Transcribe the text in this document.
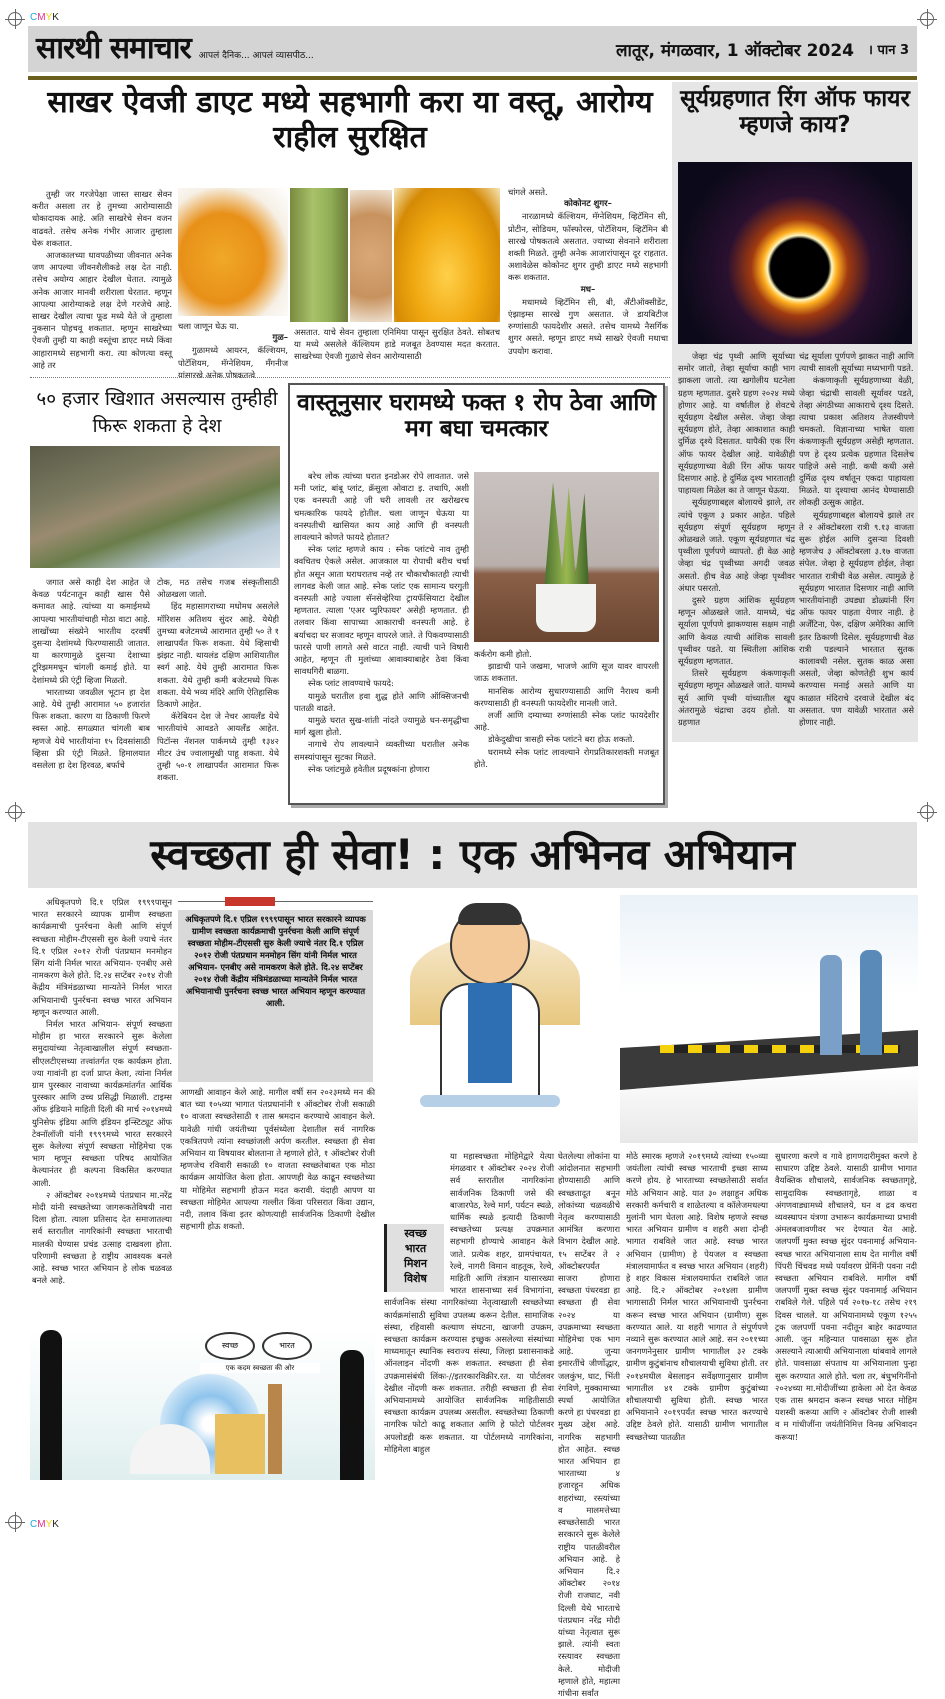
CMYK
CMYK
सारथी समाचार आपलं दैनिक... आपलं व्यासपीठ...	लातूर, मंगळवार, 1 ऑक्टोबर 2024 । पान 3
साखर ऐवजी डाएट मध्ये सहभागी करा या वस्तू, आरोग्य राहील सुरक्षित

तुम्ही जर गरजेपेक्षा जास्त साखर सेवन करीत असला तर हे तुमच्या आरोग्यासाठी धोकादायक आहे. अति साखरेचे सेवन वजन वाढवते. तसेच अनेक गंभीर आजार तुम्हाला घेरू शकतात.

आजकालच्या धावपळीच्या जीवनात अनेक जण आपल्या जीवनशैलीकडे लक्ष देत नाही. तसेच अयोग्य आहार देखील घेतात. त्यामुळे अनेक आजार मानवी शरीराला घेरतात. म्हणून आपल्या आरोग्याकडे लक्ष देणे गरजेचे आहे. साखर देखील त्याचा फूड मध्ये येते जे तुम्हाला नुकसान पोहचवू शकतात. म्हणून साखरेच्या ऐवजी तुम्ही या काही वस्तूंचा डाएट मध्ये किंवा आहारामध्ये सहभागी करा. त्या कोणत्या वस्तू आहे तर

चला जाणून घेऊ या.
गुळ–

गुळामध्ये आयरन, कॅल्शियम, पोटॅशियम, मॅग्नेशियम, मॅंगनीज यांसारखे अनेक पोषकतत्वे

असतात. याचे सेवन तुम्हाला एनिमिया पासून सुरक्षित ठेवते. सोबतच या मध्ये असलेले कॅल्शियम हाडे मजबूत ठेवण्यास मदत करतात. साखरेच्या ऐवजी गुळाचे सेवन आरोग्यासाठी
चांगले असते.
कोकोनट शुगर–

नारळामध्ये कॅल्शियम, मॅग्नेशियम, व्हिटॅमिन सी, प्रोटीन, सोडियम, फॉस्फोरस, पोटॅशियम, व्हिटॅमिन बी सारखे पोषकतत्वे असतात. ज्याच्या सेवनाने शरीराला शक्ती मिळते. तुम्ही अनेक आजारांपासून दूर राहतात. अशावेळेस कोकोनट शुगर तुम्ही डाएट मध्ये सहभागी करू शकतात.

मध–

मधामध्ये व्हिटॅमिन सी, बी, अँटीऑक्सीडेंट, एंझाइम्स सारखे गुण असतात. जे डायबिटीज रुग्णांसाठी फायदेशीर असते. तसेच यामध्ये नैसर्गिक शुगर असते. म्हणून डाएट मध्ये साखरे ऐवजी मधाचा उपयोग करावा.

सूर्यग्रहणात रिंग ऑफ फायर म्हणजे काय?

जेव्हा चंद्र पृथ्वी आणि सूर्याच्या समोर जातो, तेव्हा सूर्याचा काही भाग झाकला जातो. त्या खगोलीय घटनेला ग्रहण म्हणतात. दुसरे ग्रहण २०२४ मध्ये होणार आहे. या वर्षातील हे शेवटचे सूर्यग्रहण देखील असेल. जेव्हा जेव्हा सूर्यग्रहण होते, तेव्हा आकाशात काही दुर्मिळ दृश्ये दिसतात. यापैकी एक रिंग ऑफ फायर देखील आहे. यावेळीही सूर्यग्रहणाच्या वेळी रिंग ऑफ फायर दिसणार आहे. हे दुर्मिळ दृश्य भारतातही पाहायला मिळेल का ते जाणून घेऊया.

सूर्यग्रहणाबद्दल बोलायचे झाले, तर त्यांचे एकूण ३ प्रकार आहेत. पहिले सूर्यग्रहण संपूर्ण सूर्यग्रहण म्हणून ओळखले जाते. एकूण सूर्यग्रहणात चंद्र पृथ्वीला पूर्णपणे व्यापतो. ही वेळ आहे जेव्हा चंद्र पृथ्वीच्या अगदी जवळ असतो. हीच वेळ आहे जेव्हा पृथ्वीवर अंधार पसरतो.

दुसरे ग्रहण आंशिक सूर्यग्रहण म्हणून ओळखले जाते. यामध्ये, चंद्र सूर्याला पूर्णपणे झाकण्यास सक्षम नाही आणि केवळ त्याची आंशिक सावली पृथ्वीवर पडते. या स्थितीला आंशिक सूर्यग्रहण म्हणतात.

तिसरे सूर्यग्रहण कंकणाकृती सूर्यग्रहण म्हणून ओळखले जाते. यामध्ये सूर्य आणि पृथ्वी यांच्यातील खूप अंतरामुळे चंद्राचा उदय होतो. या ग्रहणात

चंद्र सूर्याला पूर्णपणे झाकत नाही आणि त्याची सावली सूर्याच्या मध्यभागी पडते.

कंकणाकृती सूर्यग्रहणाच्या वेळी, जेव्हा चंद्राची सावली सूर्यावर पडते, तेव्हा अंगठीच्या आकाराचे दृश्य दिसते. त्याचा प्रकाश अतिशय तेजस्वीपणे चमकतो. विज्ञानाच्या भाषेत याला कंकणाकृती सूर्यग्रहण असेही म्हणतात. पण हे दृश्य प्रत्येक ग्रहणात दिसलेच पाहिजे असे नाही. कधी कधी असे दुर्मिळ दृश्य वर्षातून एकदा पाहायला मिळते. या दृश्याचा आनंद घेण्यासाठी लोकही उत्सुक आहेत.

सूर्यग्रहणाबद्दल बोलायचे झाले तर ते २ ऑक्टोबरला रात्री ९.१३ वाजता सुरू होईल आणि दुसऱ्या दिवशी म्हणजेच ३ ऑक्टोबरला ३.१७ वाजता संपेल. जेव्हा हे सूर्यग्रहण होईल, तेव्हा भारतात रात्रीची वेळ असेल. त्यामुळे हे सूर्यग्रहण भारतात दिसणार नाही आणि भारतीयांनाही उघड्या डोळ्यांनी रिंग ऑफ फायर पाहता येणार नाही. हे अर्जेंटिना, पेरू, दक्षिण अमेरिका आणि इतर ठिकाणी दिसेल. सूर्यग्रहणाची वेळ रात्री पडल्याने भारतात सुतक कालावधी नसेल. सुतक काळ असा असतो, जेव्हा कोणतेही शुभ कार्य करण्यास मनाई असते आणि या काळात मंदिराचे दरवाजे देखील बंद असतात. पण यावेळी भारतात असे होणार नाही.

५० हजार खिशात असल्यास तुम्हीही फिरू शकता हे देश

जगात असे काही देश आहेत जे केवळ पर्यटनातून काही खास पैसे कमावत आहे. त्यांच्या या कमाईमध्ये आपल्या भारतीयांचाही मोठा वाटा आहे. लाखोंच्या संख्येने भारतीय दरवर्षी दुसऱ्या देशांमध्ये फिरण्यासाठी जातात. या कारणामुळे दुसऱ्या देशाच्या टूरिझममधून चांगली कमाई होते. या देशांमध्ये फ्री एंट्री व्हिजा मिळतो.

भारताच्या जवळील भूटान हा देश आहे. येथे तुम्ही आरामात ५० हजारांत फिरू शकता. कारण या ठिकाणी फिरणे स्वस्त आहे. सगळ्यात चांगली बाब म्हणजे येथे भारतीयांना १५ दिवसांसाठी व्हिसा फ्री एंट्री मिळते. हिमालयात वसलेला हा देश हिरवळ, बर्फाचे

टोक, मठ तसेच गजब संस्कृतीसाठी ओळखला जातो.

हिंद महासागराच्या मधोमध असलेले मॉरिशस अतिशय सुंदर आहे. येथेही तुमच्या बजेटमध्ये आरामात तुम्ही ५० ते १ लाखापर्यंत फिरू शकता. येथे व्हिसाची झंझट नाही. थायलंड दक्षिण आशियातील स्वर्ग आहे. येथे तुम्ही आरामात फिरू शकता. येथे तुम्ही कमी बजेटमध्ये फिरू शकता. येथे भव्य मंदिरे आणि ऐतिहासिक ठिकाणे आहेत.

कॅरेबियन देश जे नेचर आयलँड येथे भारतीयांचे आवडते आयलँड आहेत. पिटॉन्स नॅशनल पार्कमध्ये तुम्ही १३४२ मीटर उंच ज्वालामुखी पाहू शकता. येथे तुम्ही ५०-१ लाखापर्यंत आरामात फिरू शकता.

वास्तूनुसार घरामध्ये फक्त १ रोप ठेवा आणि मग बघा चमत्कार

बरेच लोक त्यांच्या घरात इनडोअर रोपे लावतात. जसे मनी प्लांट, बांबू प्लांट, क्रॅसुला ओवाटा इ. तथापि, अशी एक वनस्पती आहे जी घरी लावली तर खरोखरच चमत्कारिक फायदे होतील. चला जाणून घेऊया या वनस्पतीची खासियत काय आहे आणि ही वनस्पती लावल्याने कोणते फायदे होतात?

स्नेक प्लांट म्हणजे काय : स्नेक प्लांटचे नाव तुम्ही क्वचितच ऐकले असेल. आजकाल या रोपाची बरीच चर्चा होत असून आता घराघरातच नव्हे तर चौकाचौकातही त्याची लागवड केली जात आहे. स्नेक प्लांट एक सामान्य घरगुती वनस्पती आहे ज्याला सॅनसेव्हेरिया ट्रायफॅसियाटा देखील म्हणतात. त्याला 'एअर प्युरिफायर' असेही म्हणतात. ही तलवार किंवा सापाच्या आकाराची वनस्पती आहे. हे बर्याचदा घर सजावट म्हणून वापरले जाते. ते पिकवण्यासाठी फारसे पाणी लागते असे वाटत नाही. त्याची पाने विषारी आहेत, म्हणून ती मुलांच्या आवाक्याबाहेर ठेवा किंवा सावधगिरी बाळगा.

स्नेक प्लांट लावण्याचे फायदे:

यामुळे घरातील हवा शुद्ध होते आणि ऑक्सिजनची पातळी वाढते.

यामुळे घरात सुख-शांती नांदते ज्यामुळे धन-समृद्धीचा मार्ग खुला होतो.

नागाचे रोप लावल्याने व्यक्तीच्या घरातील अनेक समस्यांपासून सुटका मिळते.

स्नेक प्लांटमुळे हवेतील प्रदूषकांना होणारा

कर्करोग कमी होतो.

झाडाची पाने जखमा, भाजणे आणि सूज यावर वापरली जाऊ शकतात.

मानसिक आरोग्य सुधारण्यासाठी आणि नैराश्य कमी करण्यासाठी ही वनस्पती फायदेशीर मानली जाते.

लर्जी आणि दम्याच्या रुग्णांसाठी स्नेक प्लांट फायदेशीर आहे.

डोकेदुखीचा त्रासही स्नेक प्लांटने बरा होऊ शकतो.

घरामध्ये स्नेक प्लांट लावल्याने रोगप्रतिकारशक्ती मजबूत होते.

स्वच्छता ही सेवा! : एक अभिनव अभियान

अधिकृतपणे दि.१ एप्रिल १९९९पासून भारत सरकारने व्यापक ग्रामीण स्वच्छता कार्यक्रमाची पुनर्रचना केली आणि संपूर्ण स्वच्छता मोहीम-टीएससी सुरु केली ज्याचे नंतर दि.१ एप्रिल २०१२ रोजी पंतप्रधान मनमोहन सिंग यांनी निर्मल भारत अभियान- एनबीए असे नामकरण केले होते. दि.२४ सप्टेंबर २०१४ रोजी केंद्रीय मंत्रिमंडळाच्या मान्यतेने निर्मल भारत अभियानाची पुनर्रचना स्वच्छ भारत अभियान म्हणून करण्यात आली.

निर्मल भारत अभियान- संपूर्ण स्वच्छता मोहीम हा भारत सरकारने सुरू केलेला समुदायांच्या नेतृत्वाखालील संपूर्ण स्वच्छता- सीएलटीएसच्या तत्त्वांतर्गत एक कार्यक्रम होता. ज्या गावांनी हा दर्जा प्राप्त केला, त्यांना निर्मल ग्राम पुरस्कार नावाच्या कार्यक्रमांतर्गत आर्थिक पुरस्कार आणि उच्च प्रसिद्धी मिळाली. टाइम्स ऑफ इंडियाने माहिती दिली की मार्च २०१४मध्ये युनिसेफ इंडिया आणि इंडियन इन्स्टिट्यूट ऑफ टेक्नॉलॉजी यांनी १९९९मध्ये भारत सरकारने सुरू केलेल्या संपूर्ण स्वच्छता मोहिमेचा एक भाग म्हणून स्वच्छता परिषद आयोजित केल्यानंतर ही कल्पना विकसित करण्यात आली.

२ ऑक्टोबर २०१४मध्ये पंतप्रधान मा.नरेंद्र मोदी यांनी स्वच्छतेच्या जागरूकतेविषयी नारा दिला होता. त्याला प्रतिसाद देत समाजातल्या सर्व स्तरातील नागरिकांनी स्वच्छता भारताची मालकी घेण्यास प्रचंड उत्साह दाखवला होता. परिणामी स्वच्छता हे राष्ट्रीय आवश्यक बनले आहे. स्वच्छ भारत अभियान हे लोक चळवळ बनले आहे.

अधिकृतपणे दि.१ एप्रिल १९९९पासून भारत सरकारने व्यापक ग्रामीण स्वच्छता कार्यक्रमाची पुनर्रचना केली आणि संपूर्ण स्वच्छता मोहीम-टीएससी सुरु केली ज्याचे नंतर दि.१ एप्रिल २०१२ रोजी पंतप्रधान मनमोहन सिंग यांनी निर्मल भारत अभियान- एनबीए असे नामकरण केले होते. दि.२४ सप्टेंबर २०१४ रोजी केंद्रीय मंत्रिमंडळाच्या मान्यतेने निर्मल भारत अभियानाची पुनर्रचना स्वच्छ भारत अभियान म्हणून करण्यात आली.
आणखी आवाहन केले आहे. मागील वर्षी सन २०२३मध्ये मन की बात च्या १०५व्या भागात पंतप्रधानांनी १ ऑक्टोबर रोजी सकाळी १० वाजता स्वच्छतेसाठी १ तास श्रमदान करण्याचे आवाहन केले. यावेळी गांधी जयंतीच्या पूर्वसंध्येला देशातील सर्व नागरिक एकत्रितपणे त्यांना स्वच्छांजली अर्पण करतील. स्वच्छता ही सेवा अभियान या विषयावर बोलताना ते म्हणाले होते, १ ऑक्टोबर रोजी म्हणजेच रविवारी सकाळी १० वाजता स्वच्छतेबाबत एक मोठा कार्यक्रम आयोजित केला होता. आपणही वेळ काढून स्वच्छतेच्या या मोहिमेत सहभागी होऊन मदत करावी. यंदाही आपण या स्वच्छता मोहिमेत आपल्या गल्लीत किंवा परिसरात किंवा उद्यान, नदी, तलाव किंवा इतर कोणत्याही सार्वजनिक ठिकाणी देखील सहभागी होऊ शकतो.
या महास्वच्छता मोहिमेद्वारे येत्या मंगळवार १ ऑक्टोबर २०२४ रोजी सर्व स्तरातील नागरिकांना सार्वजनिक ठिकाणी जसे की बाजारपेठ, रेल्वे मार्ग, पर्यटन स्थळे, धार्मिक स्थळे इत्यादी ठिकाणी स्वच्छतेच्या प्रत्यक्ष उपक्रमात सहभागी होण्याचे आवाहन केले जाते. प्रत्येक शहर, ग्रामपंचायत, रेल्वे, नागरी विमान वाहतूक, रेल्वे, माहिती आणि तंत्रज्ञान यासारख्या भारत शासनाच्या सर्व विभागांना, सार्वजनिक संस्था नागरिकांच्या नेतृत्वाखाली स्वच्छतेच्या कार्यक्रमांसाठी सुविधा उपलब्ध करून देतील. सामाजिक संस्था, रहिवासी कल्याण संघटना, खाजगी उपक्रम, स्वच्छता कार्यक्रम करण्यास इच्छुक असलेल्या संस्थांच्या माध्यमातून स्थानिक स्वराज्य संस्था, जिल्हा प्रशासनाकडे ऑनलाइन नोंदणी करू शकतात. स्वच्छता ही सेवा उपक्रमासंबंधी लिंकः-//इतरकारविक्रीर.रत. या पोर्टलवर देखील नोंदणी करू शकतात. तरीही स्वच्छता ही सेवा अभियानामध्ये आयोजित सार्वजनिक माहितीसाठी स्वच्छता कार्यक्रम उपलब्ध असतील. स्वच्छतेच्या ठिकाणी नागरिक फोटो काढू शकतात आणि हे फोटो पोर्टलवर अपलोडही करू शकतात. या पोर्टलमध्ये नागरिकांना, मोहिमेला बाहुल
स्वच्छ
भारत
मिशन
विशेष
घेतलेल्या लोकांना या आंदोलनात सहभागी होण्यासाठी आणि स्वच्छतादूत बनून लोकांच्या चळवळीचे नेतृत्व करण्यासाठी आमंत्रित करणारा विभाग देखील आहे. १५ सप्टेंबर ते २ ऑक्टोबरपर्यंत साजरा होणारा स्वच्छता पंधरवडा हा स्वच्छता ही सेवा २०२४ या उपक्रमाच्या स्वच्छता मोहिमेचा एक भाग आहे. जुन्या इमारतींचे जीर्णोद्धार, जलकुंभ, घाट, भिंती रंगविणे, मुक्कामाच्या स्पर्धा आयोजित करणे हा पंधरवडा हा मुख्य उद्देश आहे. नागरिक सहभागी होत आहेत. स्वच्छ भारत अभियान हा भारताच्या ४ हजारहून अधिक शहरांच्या, रस्त्यांच्या व मालमत्तेच्या स्वच्छतेसाठी भारत सरकारने सुरू केलेले राष्ट्रीय पातळीवरील अभियान आहे. हे अभियान दि.२ ऑक्टोबर २०१४ रोजी राजघाट, नवी दिल्ली येथे भारताचे पंतप्रधान नरेंद्र मोदी यांच्या नेतृत्वात सुरू झाले. त्यांनी स्वतः रस्त्यावर स्वच्छता केले. मोदीजी म्हणाले होते, महात्मा गांधीना सर्वांत
मोठे स्मारक म्हणजे २०१९मध्ये त्यांच्या १५०व्या जयंतीला त्यांची स्वच्छ भारताची इच्छा साध्य करणे होय. हे भारताच्या स्वच्छतेसाठी सर्वात मोठे अभियान आहे. यात ३० लक्षाहून अधिक सरकारी कर्मचारी व शाळेतल्या व कॉलेजमधल्या मुलांनी भाग घेतला आहे. विशेष म्हणजे स्वच्छ भारत अभियान ग्रामीण व शहरी अशा दोन्ही भागात राबविले जात आहे. स्वच्छ भारत अभियान (ग्रामीण) हे पेयजल व स्वच्छता मंत्रालयामार्फत व स्वच्छ भारत अभियान (शहरी) हे शहर विकास मंत्रालयमार्फत राबविले जात आहे. दि.२ ऑक्टोबर २०१४ला ग्रामीण भागासाठी निर्मल भारत अभियानाची पुनर्रचना करून स्वच्छ भारत अभियान (ग्रामीण) सुरू करण्यात आले. या शहरी भागात ते संपूर्णपणे नव्याने सुरू करण्यात आले आहे. सन २०११च्या जनगणनेनुसार ग्रामीण भागातील ३२ टक्के ग्रामीण कुटुंबांनाच शौचालयाची सुविधा होती. तर २०१४मधील बेसलाइन सर्वेक्षणानुसार ग्रामीण भागातील ४१ टक्के ग्रामीण कुटुंबांच्या शौचालयाची सुविधा होती. स्वच्छ भारत अभियानाने २०१९पर्यंत स्वच्छ भारत करण्याचे उद्दिष्ट ठेवले होते. यासाठी ग्रामीण भागातील स्वच्छतेच्या पातळीत
सुधारणा करणे व गावे हागणदारीमुक्त करणे हे साधारण उद्दिष्ट ठेवले. यासाठी ग्रामीण भागात वैयक्तिक शौचालये, सार्वजनिक स्वच्छतागृहे, सामुदायिक स्वच्छतागृहे, शाळा व अंगणवाड्यामध्ये शौचालये, घन व द्रव कचरा व्यवस्थापन यंत्रणा उभारून कार्यक्रमाच्या प्रभावी अंमलबजावणीवर भर देण्यात येत आहे. जलपर्णी मुक्त स्वच्छ सुंदर पवनामाई अभियान- स्वच्छ भारत अभियानाला साथ देत मागील वर्षी पिंपरी चिंचवड मध्ये पर्यावरण प्रेमिंनी पवना नदी स्वच्छता अभियान राबविले. मागील वर्षी जलपर्णी मुक्त स्वच्छ सुंदर पवनामाई अभियान राबविले गेले. पहिले पर्व २०१७-१८ तसेच २१९ दिवस चालले. या अभियानामध्ये एकूण १२५५ ट्रक जलपर्णी पवना नदीतून बाहेर काढण्यात आली. जून महिन्यात पावसाळा सुरू होत असल्याने त्याआधी अभियानाला थांबवावे लागले होते. पावसाळा संपताच या अभियानाला पुन्हा सुरू करण्यात आले होते. चला तर, बंधुभगिनींनो २०२४च्या मा.मोदीजींच्या हाकेला ओ देत केवळ एक तास श्रमदान करून स्वच्छ भारत मोहिम यशस्वी करूया आणि २ ऑक्टोबर रोजी शास्त्री व म गांधीजींना जयंतीनिमित्त विनम्र अभिवादन करूया!
स्वच्छ	भारत
एक कदम स्वच्छता की ओर
